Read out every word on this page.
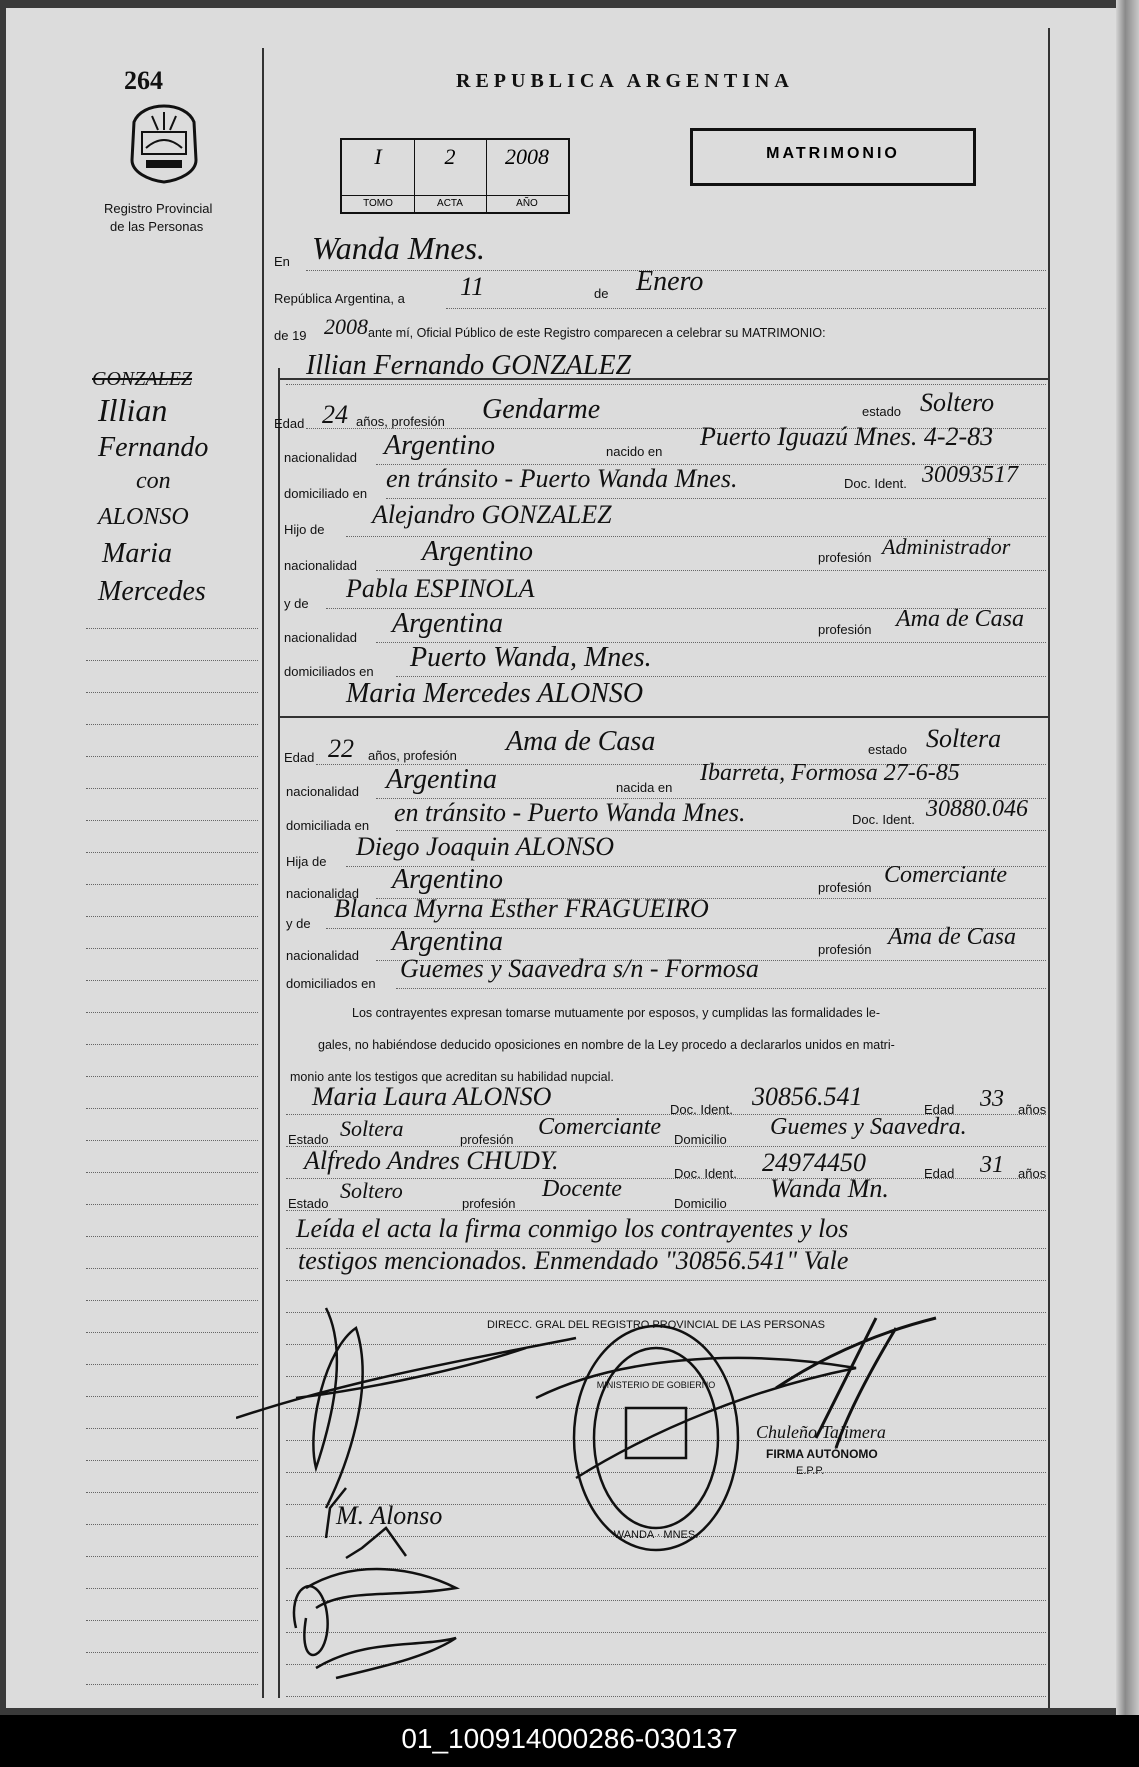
264
Registro Provincial
de las Personas
REPUBLICA ARGENTINA
I
TOMO
2
ACTA
2008
AÑO
MATRIMONIO
En Wanda Mnes.
República Argentina, a 11	de Enero
de 19 2008 ante mí, Oficial Público de este Registro comparecen a celebrar su MATRIMONIO:
Illian Fernando GONZALEZ
Edad 24 años, profesión Gendarme	estado Soltero
nacionalidad Argentino	nacido en
Puerto Iguazú Mnes. 4-2-83
domiciliado en
en tránsito - Puerto Wanda Mnes.	Doc. Ident. 30093517
Hijo de
Alejandro GONZALEZ
nacionalidad Argentino	profesión Administrador
y de
Pabla ESPINOLA
nacionalidad Argentina	profesión Ama de Casa
domiciliados en Puerto Wanda, Mnes.
Maria Mercedes ALONSO
Edad 22 años, profesión Ama de Casa	estado Soltera
nacionalidad Argentina	nacida en
Ibarreta, Formosa 27-6-85
domiciliada en en tránsito - Puerto Wanda Mnes.	Doc. Ident. 30880.046
Hija de
Diego Joaquin ALONSO
nacionalidad Argentino	profesión Comerciante
y de
Blanca Myrna Esther FRAGUEIRO
nacionalidad Argentina	profesión Ama de Casa
domiciliados en
Guemes y Saavedra s/n - Formosa
Los contrayentes expresan tomarse mutuamente por esposos, y cumplidas las formalidades le-
gales, no habiéndose deducido oposiciones en nombre de la Ley procedo a declararlos unidos en matri-
monio ante los testigos que acreditan su habilidad nupcial.
Maria Laura ALONSO	Doc. Ident. 30856.541	Edad 33 años
Estado Soltera	profesión Comerciante Domicilio Guemes y Saavedra.
Alfredo Andres CHUDY.	Doc. Ident. 24974450	Edad 31 años
Estado
Soltero
profesión
Docente
Domicilio
Wanda Mn.
Leída el acta la firma conmigo los contrayentes y los
testigos mencionados. Enmendado "30856.541" Vale
GONZALEZ
Illian
Fernando
con
ALONSO
Maria
Mercedes
DIRECC. GRAL DEL REGISTRO PROVINCIAL DE LAS PERSONAS
MINISTERIO DE GOBIERNO
WANDA · MNES.
Chuleño Tajimera
FIRMA AUTÓNOMO
E.P.P.
M. Alonso
01_100914000286-030137
